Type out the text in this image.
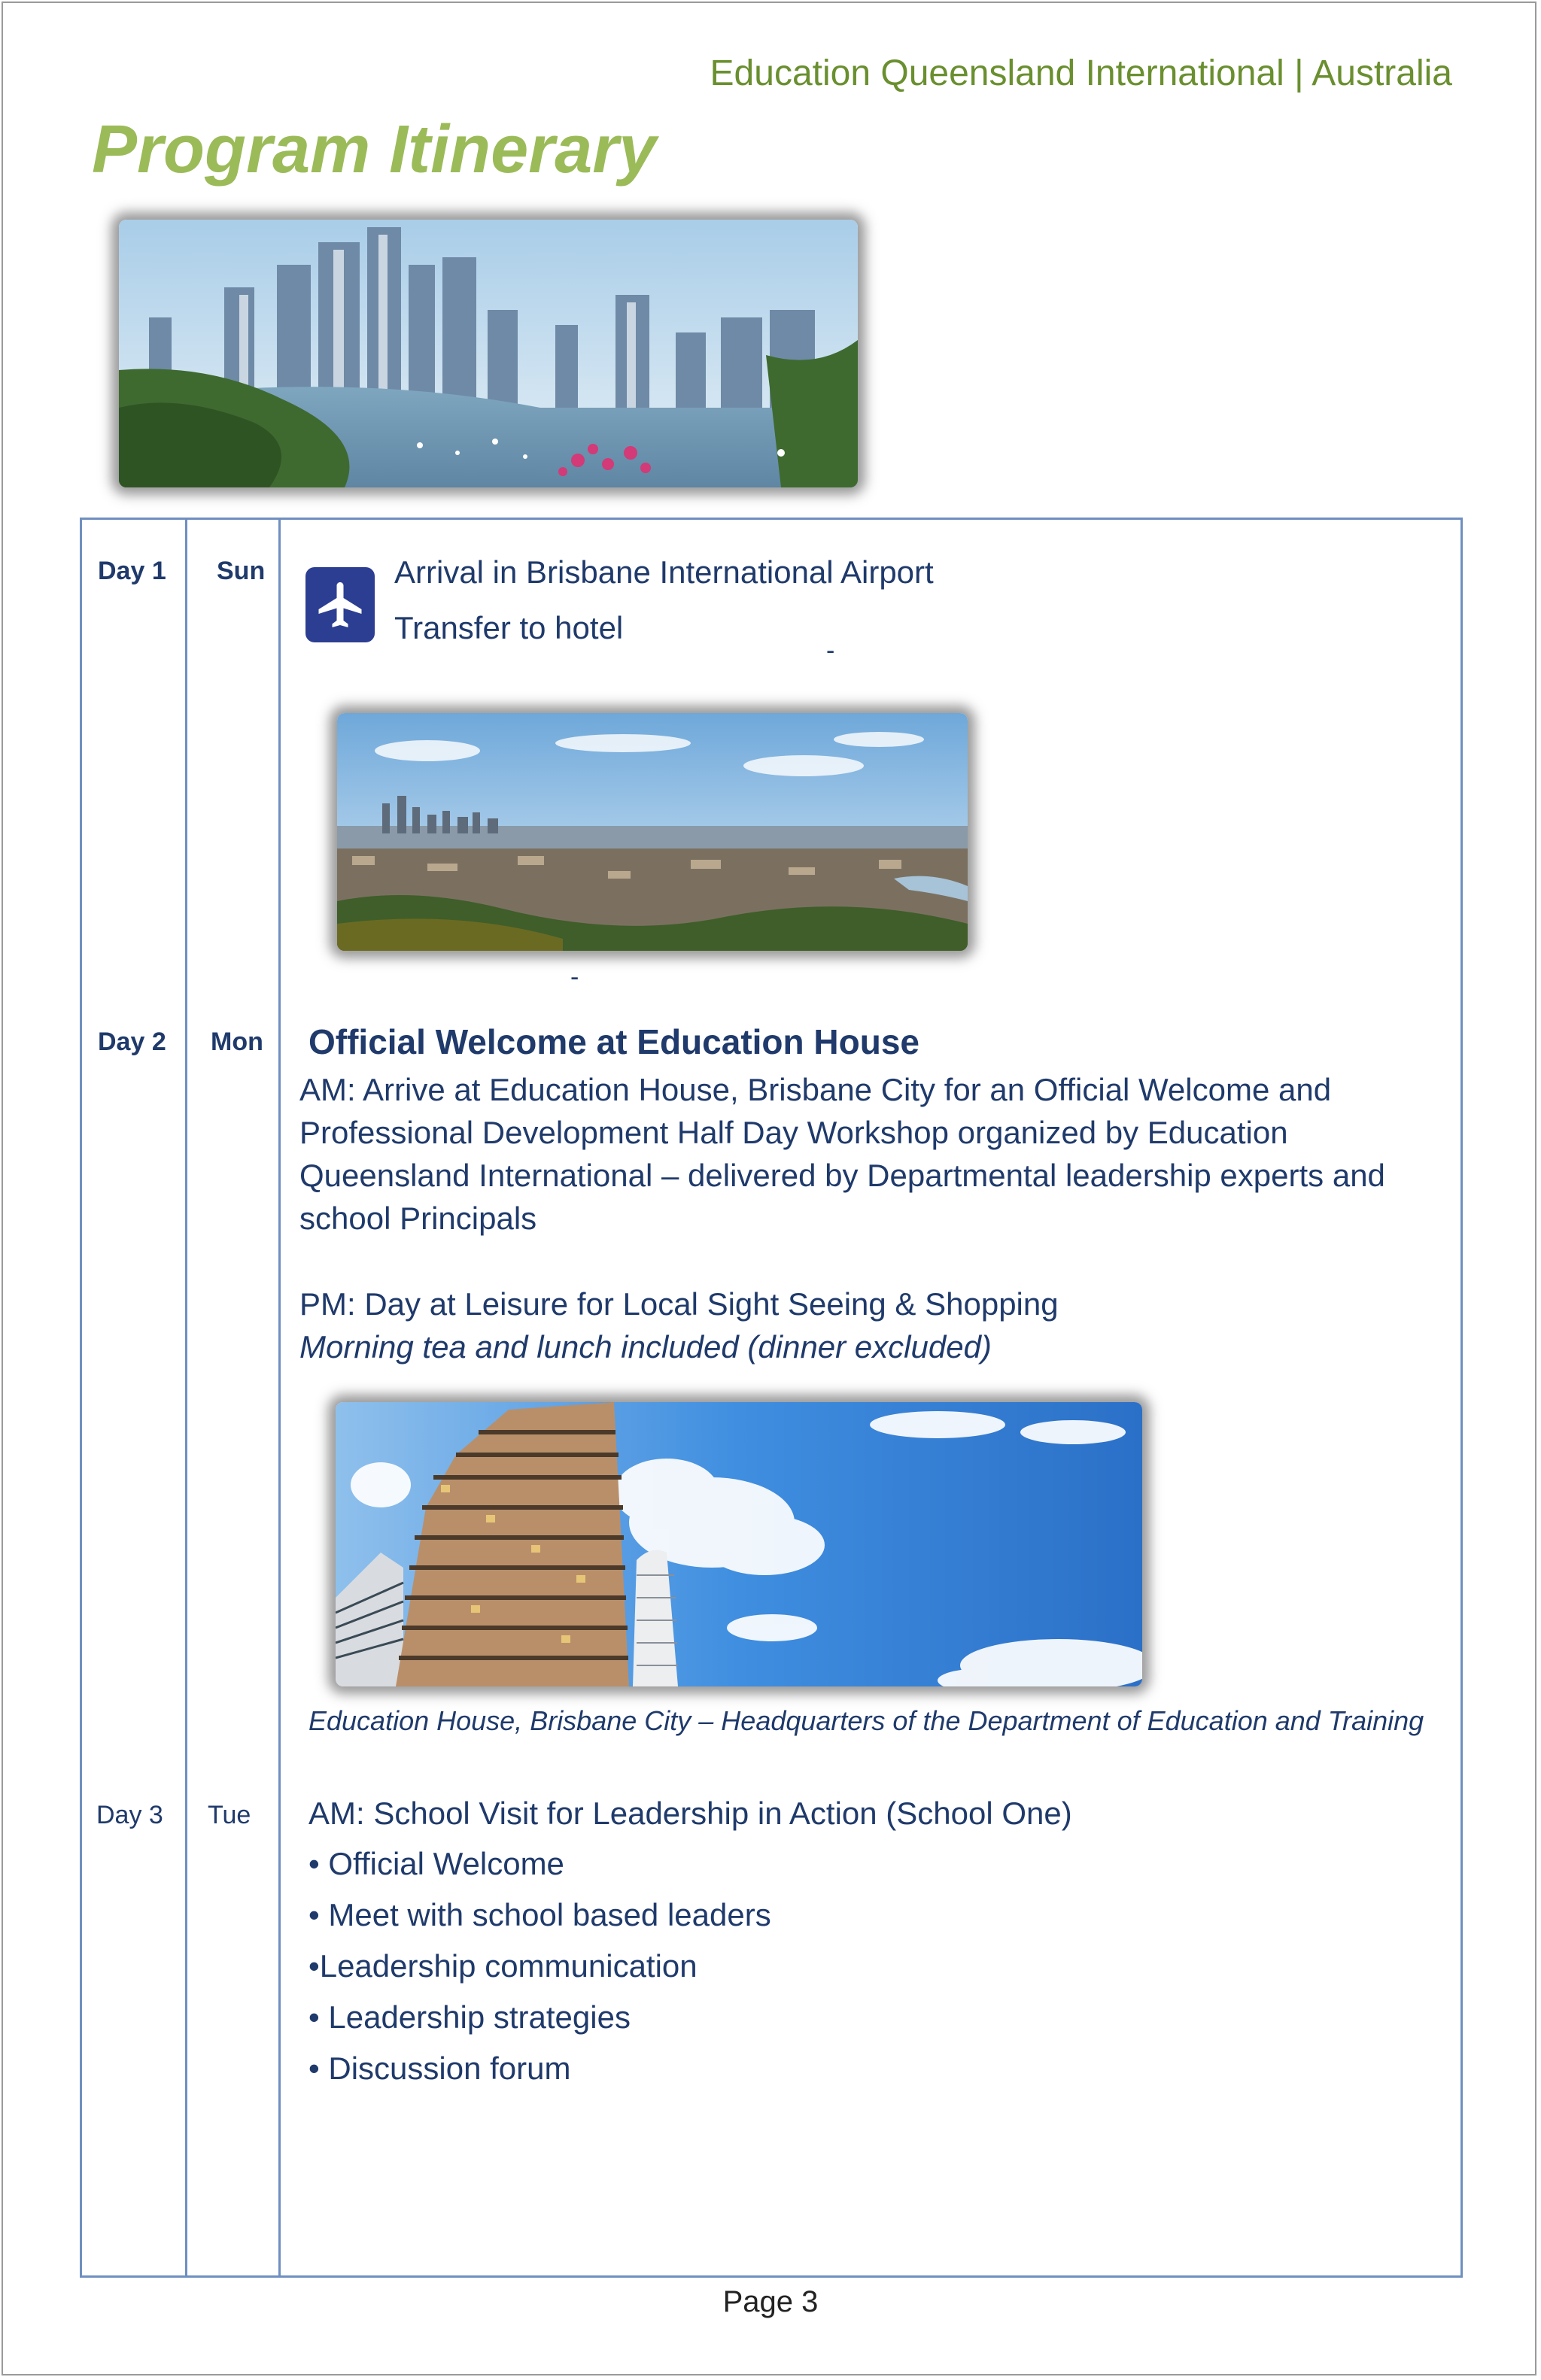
Education Queensland International | Australia
Program Itinerary
Day 1 Sun	Arrival in Brisbane International Airport
Transfer to hotel
-
-
Day 2 Mon Official Welcome at Education House
AM: Arrive at Education House, Brisbane City for an Official Welcome and
Professional Development Half Day Workshop organized by Education
Queensland International – delivered by Departmental leadership experts and
school Principals
PM: Day at Leisure for Local Sight Seeing & Shopping
Morning tea and lunch included (dinner excluded)
Education House, Brisbane City – Headquarters of the Department of Education and Training
Day 3 Tue AM: School Visit for Leadership in Action (School One)
• Official Welcome
• Meet with school based leaders
•Leadership communication
• Leadership strategies
• Discussion forum
Page 3
